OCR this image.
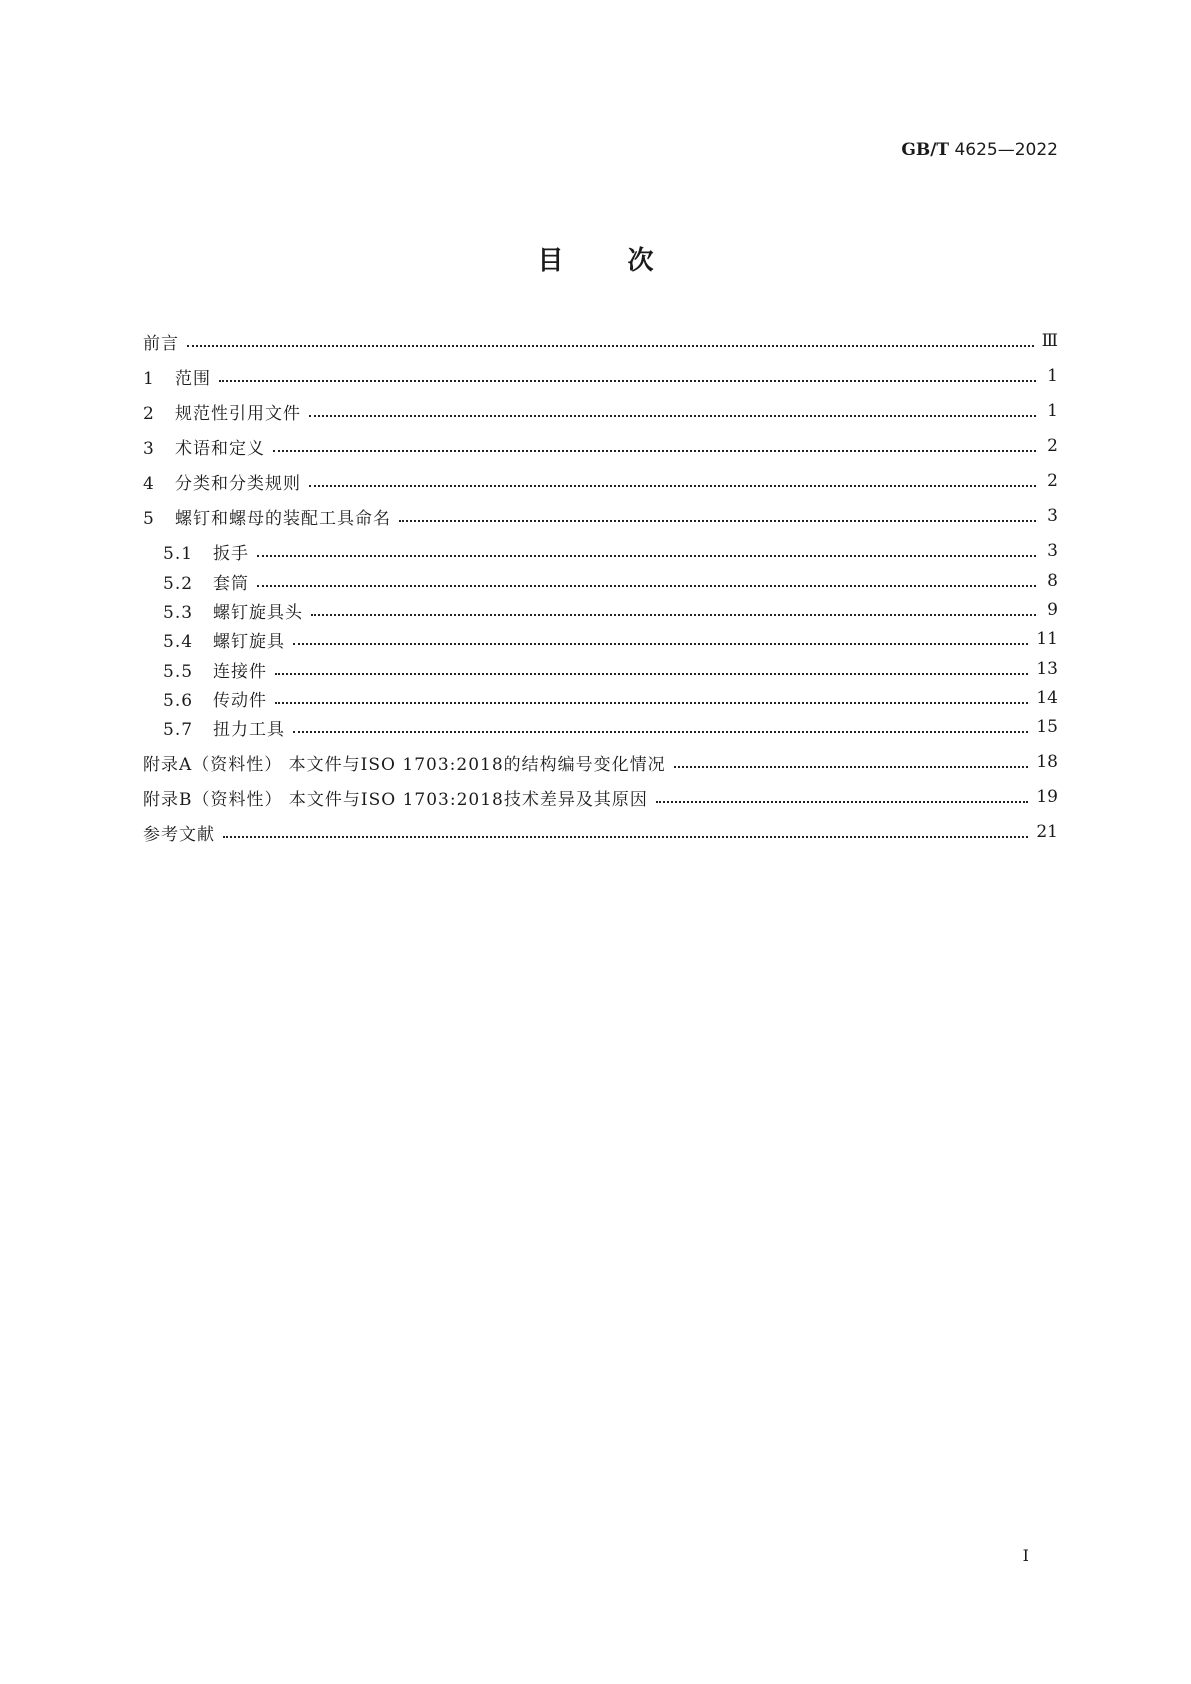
GB/T 4625—2022
目 次
前言	Ⅲ
1 范围	1
2 规范性引用文件	1
3 术语和定义	2
4 分类和分类规则	2
5 螺钉和螺母的装配工具命名	3
5.1 扳手	3
5.2 套筒	8
5.3 螺钉旋具头	9
5.4 螺钉旋具	11
5.5 连接件	13
5.6 传动件	14
5.7 扭力工具	15
附录A（资料性） 本文件与ISO 1703:2018的结构编号变化情况	18
附录B（资料性） 本文件与ISO 1703:2018技术差异及其原因	19
参考文献	21
I
